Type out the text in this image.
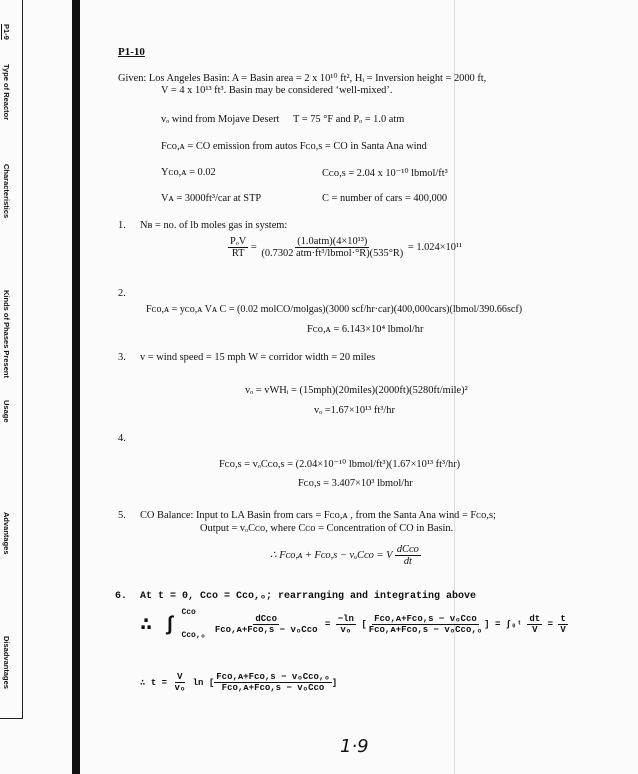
P1-9
Type of Reactor
Characteristics
Kinds of Phases Present
Usage
Advantages
Disadvantages
P1-10
Given: Los Angeles Basin: A = Basin area = 2 x 10¹⁰ ft², Hᵢ = Inversion height = 2000 ft,
V = 4 x 10¹³ ft³. Basin may be considered ‘well-mixed’.
vₒ wind from Mojave Desert T = 75 °F and Pₒ = 1.0 atm
Fᴄᴏ,ᴀ = CO emission from autos Fᴄᴏ,s = CO in Santa Ana wind
Yᴄᴏ,ᴀ = 0.02	Cᴄᴏ,s = 2.04 x 10⁻¹⁰ lbmol/ft³
Vᴀ = 3000ft³/car at STP	C = number of cars = 400,000
1. Nʙ = no. of lb moles gas in system:
$\frac{\text{PₒV}}{RT} = \frac{\text{(1.0atm)(4×10¹³)}}{\text{(0.7302 atm·ft³/lbmol·°R)(535°R)}} = 1.024\times 10^{11}$
2.
Fᴄᴏ,ᴀ = yᴄᴏ,ᴀ Vᴀ C = (0.02 molCO/molgas)(3000 scf/hr·car)(400,000cars)(lbmol/390.66scf)
Fᴄᴏ,ᴀ = 6.143×10⁴ lbmol/hr
3. v = wind speed = 15 mph W = corridor width = 20 miles
vₒ = vWHᵢ = (15mph)(20miles)(2000ft)(5280ft/mile)²
vₒ =1.67×10¹³ ft³/hr
4.
Fᴄᴏ,s = vₒCᴄᴏ,s = (2.04×10⁻¹⁰ lbmol/ft³)(1.67×10¹³ ft³/hr)
Fᴄᴏ,s = 3.407×10³ lbmol/hr
5. CO Balance: Input to LA Basin from cars = Fᴄᴏ,ᴀ , from the Santa Ana wind = Fᴄᴏ,s;
Output = vₒCᴄᴏ, where Cᴄᴏ = Concentration of CO in Basin.
∴ Fᴄᴏ,ᴀ + Fᴄᴏ,s − vₒCᴄᴏ = V $\frac{\text{dCᴄᴏ}}{dt}$
6. At t = 0, Cᴄᴏ = Cᴄᴏ,ₒ; rearranging and integrating above
∴ ∫
Cᴄᴏ
Cᴄᴏ,ₒ

$\frac{\text{dCᴄᴏ}}{\text{Fᴄᴏ,ᴀ+Fᴄᴏ,s − vₒCᴄᴏ}} = \frac{-\ln}{\text{vₒ}}$ [ $\frac{\text{Fᴄᴏ,ᴀ+Fᴄᴏ,s − vₒCᴄᴏ}}{\text{Fᴄᴏ,ᴀ+Fᴄᴏ,s − vₒCᴄᴏ,ₒ}}$ ] = ∫₀ᵗ $\frac{dt}{V} = \frac{t}{V}$
∴ $t = \frac{V}{\text{vₒ}}$ ln [ $\frac{\text{Fᴄᴏ,ᴀ+Fᴄᴏ,s − vₒCᴄᴏ,ₒ}}{\text{Fᴄᴏ,ᴀ+Fᴄᴏ,s − vₒCᴄᴏ}}$ ]
1·9
